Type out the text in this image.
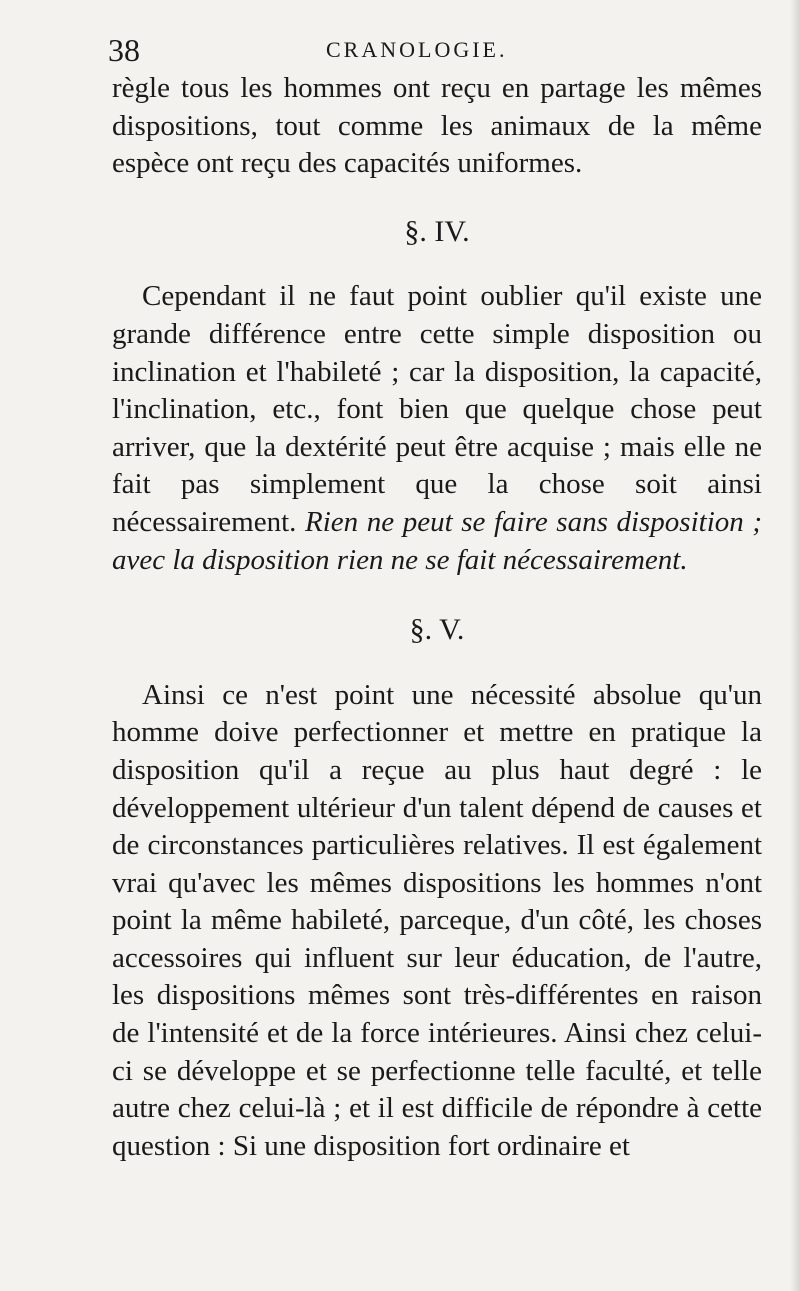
38	CRANOLOGIE.

règle tous les hommes ont reçu en partage les mêmes dispositions, tout comme les animaux de la même espèce ont reçu des capacités uniformes.

§. IV.

Cependant il ne faut point oublier qu'il existe une grande différence entre cette simple disposition ou inclination et l'habileté ; car la disposition, la capacité, l'inclination, etc., font bien que quelque chose peut arriver, que la dextérité peut être acquise ; mais elle ne fait pas simplement que la chose soit ainsi nécessairement. Rien ne peut se faire sans disposition ; avec la disposition rien ne se fait nécessairement.

§. V.

Ainsi ce n'est point une nécessité absolue qu'un homme doive perfectionner et mettre en pratique la disposition qu'il a reçue au plus haut degré : le développement ultérieur d'un talent dépend de causes et de circonstances particulières relatives. Il est également vrai qu'avec les mêmes dispositions les hommes n'ont point la même habileté, parceque, d'un côté, les choses accessoires qui influent sur leur éducation, de l'autre, les dispositions mêmes sont très-différentes en raison de l'intensité et de la force intérieures. Ainsi chez celui-ci se développe et se perfectionne telle faculté, et telle autre chez celui-là ; et il est difficile de répondre à cette question : Si une disposition fort ordinaire et
